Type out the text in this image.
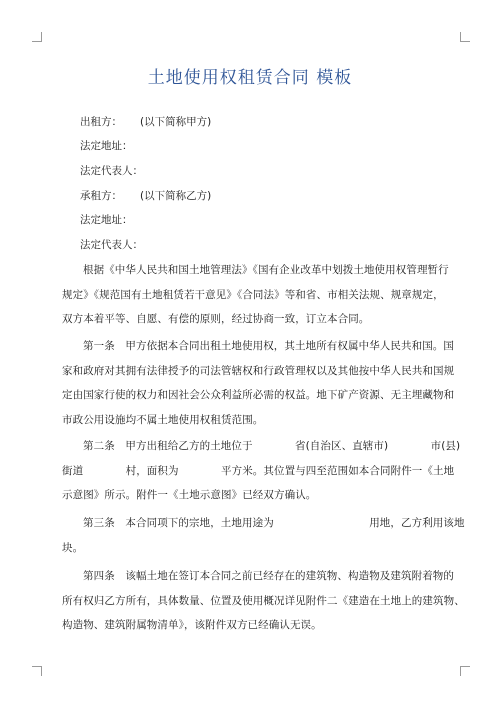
土地使用权租赁合同 模板
出租方： (以下简称甲方)
法定地址：
法定代表人：
承租方： (以下简称乙方)
法定地址：
法定代表人：
根据《中华人民共和国土地管理法》《国有企业改革中划拨土地使用权管理暂行
规定》《规范国有土地租赁若干意见》《合同法》等和省、市相关法规、规章规定，
双方本着平等、自愿、有偿的原则，经过协商一致，订立本合同。
第一条　甲方依据本合同出租土地使用权，其土地所有权属中华人民共和国。国
家和政府对其拥有法律授予的司法管辖权和行政管理权以及其他按中华人民共和国规
定由国家行使的权力和因社会公众利益所必需的权益。地下矿产资源、无主埋藏物和
市政公用设施均不属土地使用权租赁范围。
第二条　甲方出租给乙方的土地位于　　　　省(自治区、直辖市)　　　　市(县)
街道　　　　村，面积为　　　　平方米。其位置与四至范围如本合同附件一《土地
示意图》所示。附件一《土地示意图》已经双方确认。
第三条　本合同项下的宗地，土地用途为　　　　　　　　　用地，乙方利用该地
块。
第四条　该幅土地在签订本合同之前已经存在的建筑物、构造物及建筑附着物的
所有权归乙方所有，具体数量、位置及使用概况详见附件二《建造在土地上的建筑物、
构造物、建筑附属物清单》，该附件双方已经确认无误。
